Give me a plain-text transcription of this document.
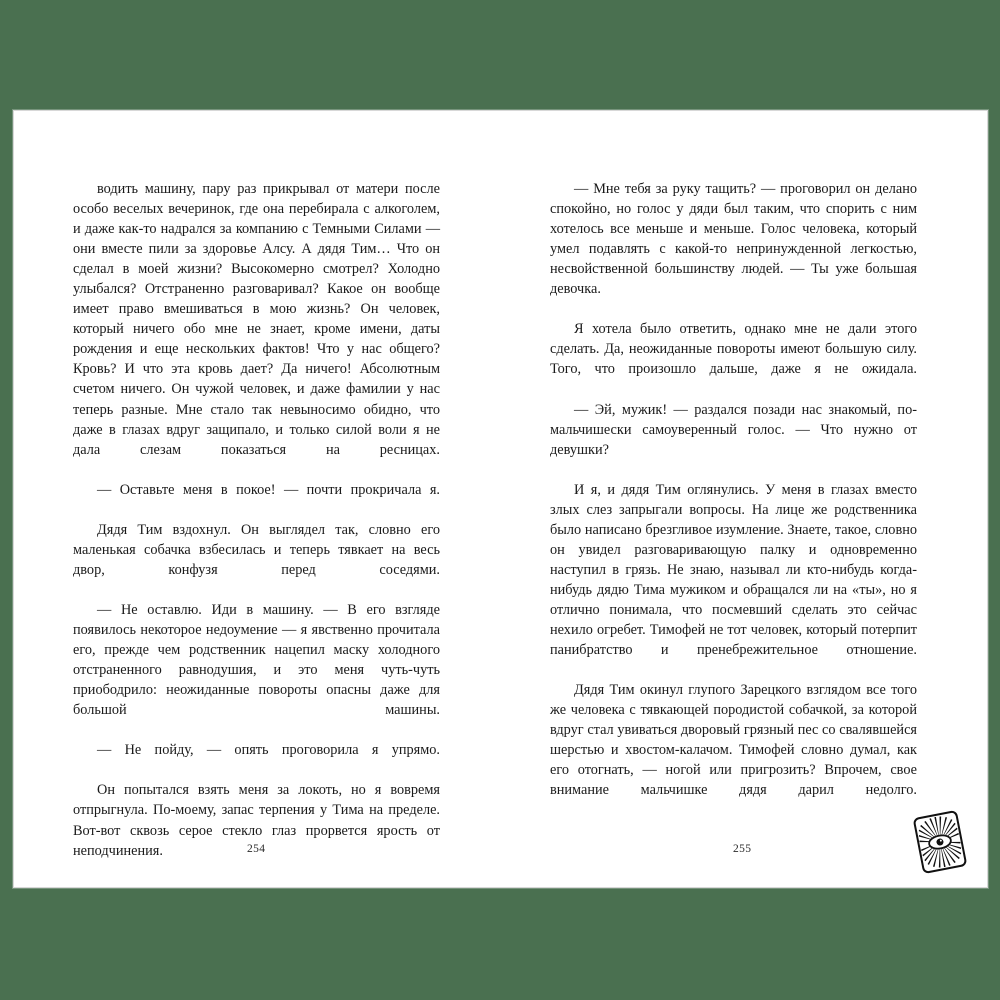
водить машину, пару раз прикрывал от матери после особо веселых вечеринок, где она перебирала с алкоголем, и даже как-то надрался за компанию с Темными Силами — они вместе пили за здоровье Алсу. А дядя Тим… Что он сделал в моей жизни? Высокомерно смотрел? Холодно улыбался? Отстраненно разговаривал? Какое он вообще имеет право вмешиваться в мою жизнь? Он человек, который ничего обо мне не знает, кроме имени, даты рождения и еще нескольких фактов! Что у нас общего? Кровь? И что эта кровь дает? Да ничего! Абсолютным счетом ничего. Он чужой человек, и даже фамилии у нас теперь разные. Мне стало так невыносимо обидно, что даже в глазах вдруг защипало, и только силой воли я не дала слезам показаться на ресницах.

— Оставьте меня в покое! — почти прокричала я.

Дядя Тим вздохнул. Он выглядел так, словно его маленькая собачка взбесилась и теперь тявкает на весь двор, конфузя перед соседями.

— Не оставлю. Иди в машину. — В его взгляде появилось некоторое недоумение — я явственно прочитала его, прежде чем родственник нацепил маску холодного отстраненного равнодушия, и это меня чуть-чуть приободрило: неожиданные повороты опасны даже для большой машины.

— Не пойду, — опять проговорила я упрямо.

Он попытался взять меня за локоть, но я вовремя отпрыгнула. По-моему, запас терпения у Тима на пределе. Вот-вот сквозь серое стекло глаз прорвется ярость от неподчинения.	254

— Мне тебя за руку тащить? — проговорил он делано спокойно, но голос у дяди был таким, что спорить с ним хотелось все меньше и меньше. Голос человека, который умел подавлять с какой-то непринужденной легкостью, несвойственной большинству людей. — Ты уже большая девочка.

Я хотела было ответить, однако мне не дали этого сделать. Да, неожиданные повороты имеют большую силу. Того, что произошло дальше, даже я не ожидала.

— Эй, мужик! — раздался позади нас знакомый, по-мальчишески самоуверенный голос. — Что нужно от девушки?

И я, и дядя Тим оглянулись. У меня в глазах вместо злых слез запрыгали вопросы. На лице же родственника было написано брезгливое изумление. Знаете, такое, словно он увидел разговаривающую палку и одновременно наступил в грязь. Не знаю, называл ли кто-нибудь когда-нибудь дядю Тима мужиком и обращался ли на «ты», но я отлично понимала, что посмевший сделать это сейчас нехило огребет. Тимофей не тот человек, который потерпит панибратство и пренебрежительное отношение.

Дядя Тим окинул глупого Зарецкого взглядом все того же человека с тявкающей породистой собачкой, за которой вдруг стал увиваться дворовый грязный пес со свалявшейся шерстью и хвостом-калачом. Тимофей словно думал, как его отогнать, — ногой или пригрозить? Впрочем, свое внимание мальчишке дядя дарил недолго.

255
